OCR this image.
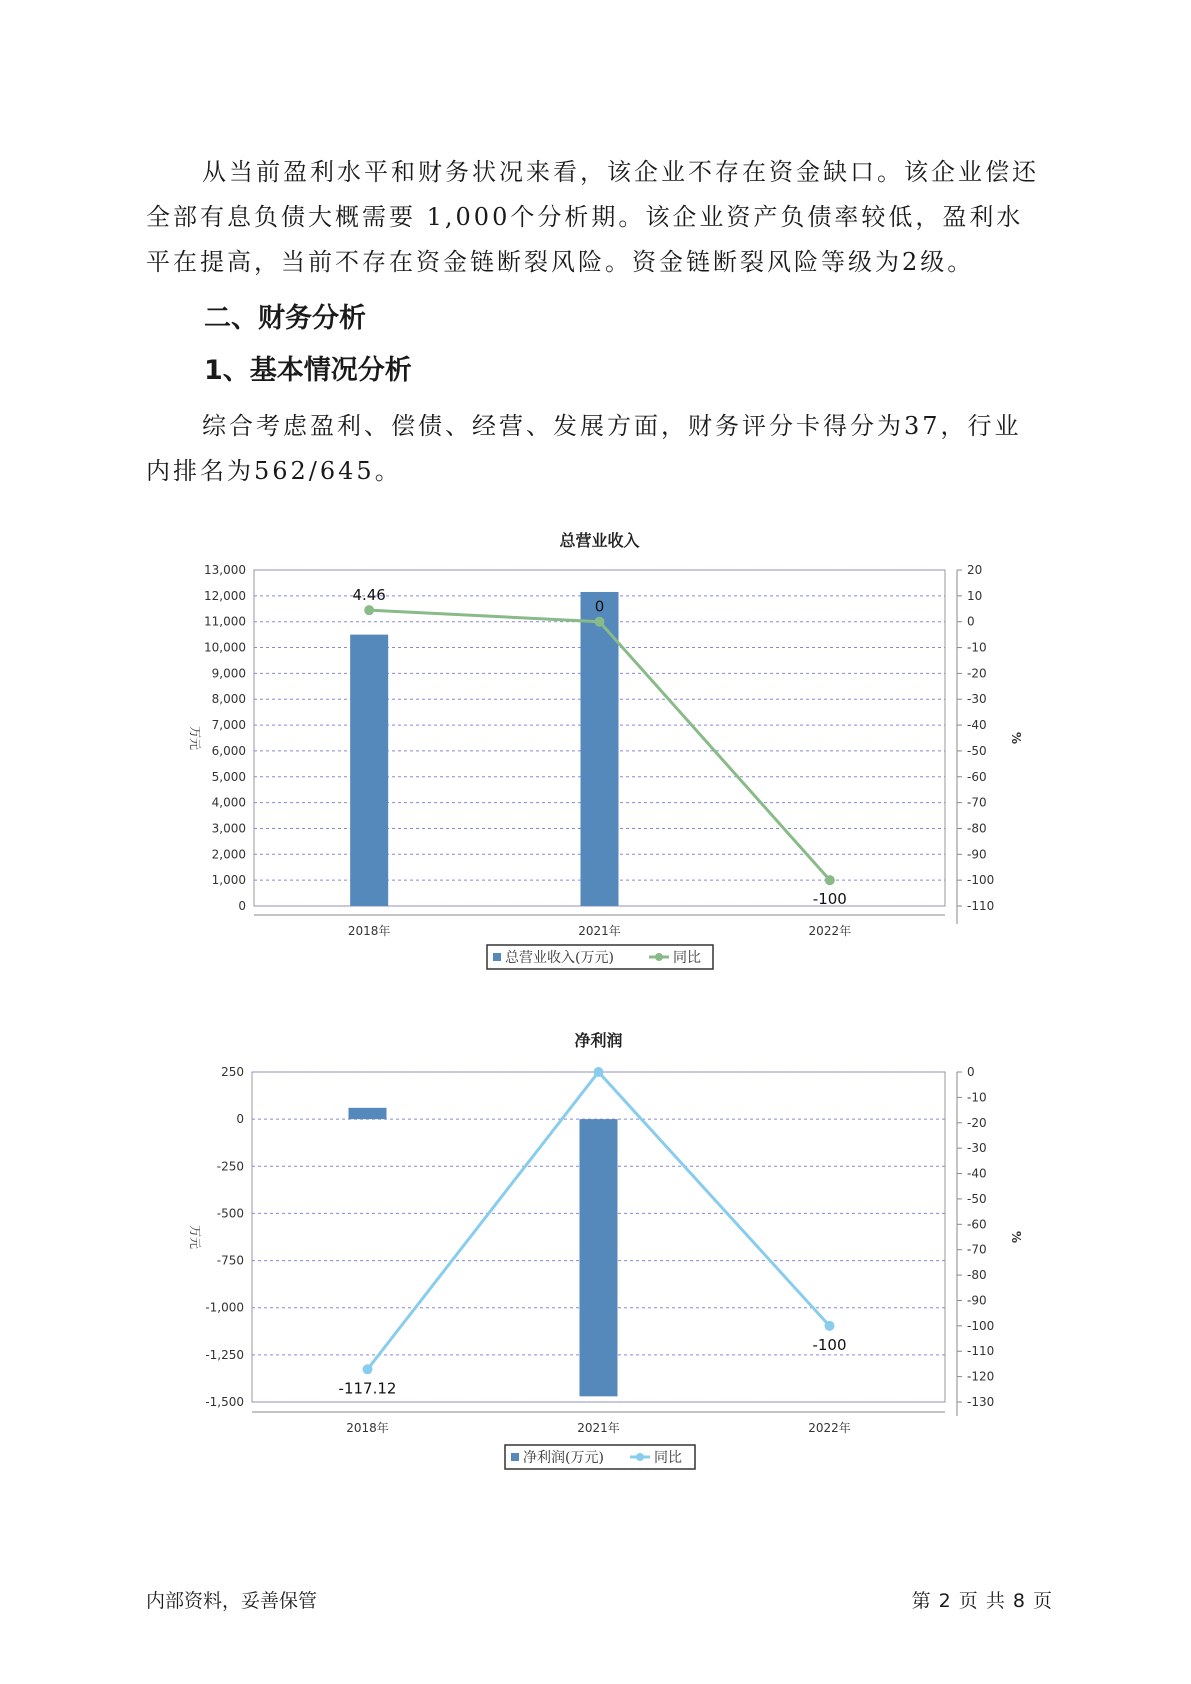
从当前盈利水平和财务状况来看，该企业不存在资金缺口。该企业偿还全部有息负债大概需要 1,000个分析期。该企业资产负债率较低，盈利水平在提高，当前不存在资金链断裂风险。资金链断裂风险等级为2级。

二、财务分析
1、基本情况分析

综合考虑盈利、偿债、经营、发展方面，财务评分卡得分为37，行业内排名为562/645。

总营业收入
0
1,000
2,000
3,000
4,000
5,000
6,000
7,000
8,000
9,000
10,000
11,000
12,000
13,000	20
10
0
-10
-20
-30
-40
-50
-60
-70
-80
-90
-100
-110
2018年	2021年	2022年
万元	%
4.46
0
-100
总营业收入(万元)	同比
净利润
250
0
-250
-500
-750
-1,000
-1,250
-1,500
0
-10
-20
-30
-40
-50
-60
-70
-80
-90
-100
-110
-120
-130
2018年	2021年	2022年
万元	%
-117.12
-100
净利润(万元)	同比

内部资料，妥善保管	第 2 页 共 8 页
